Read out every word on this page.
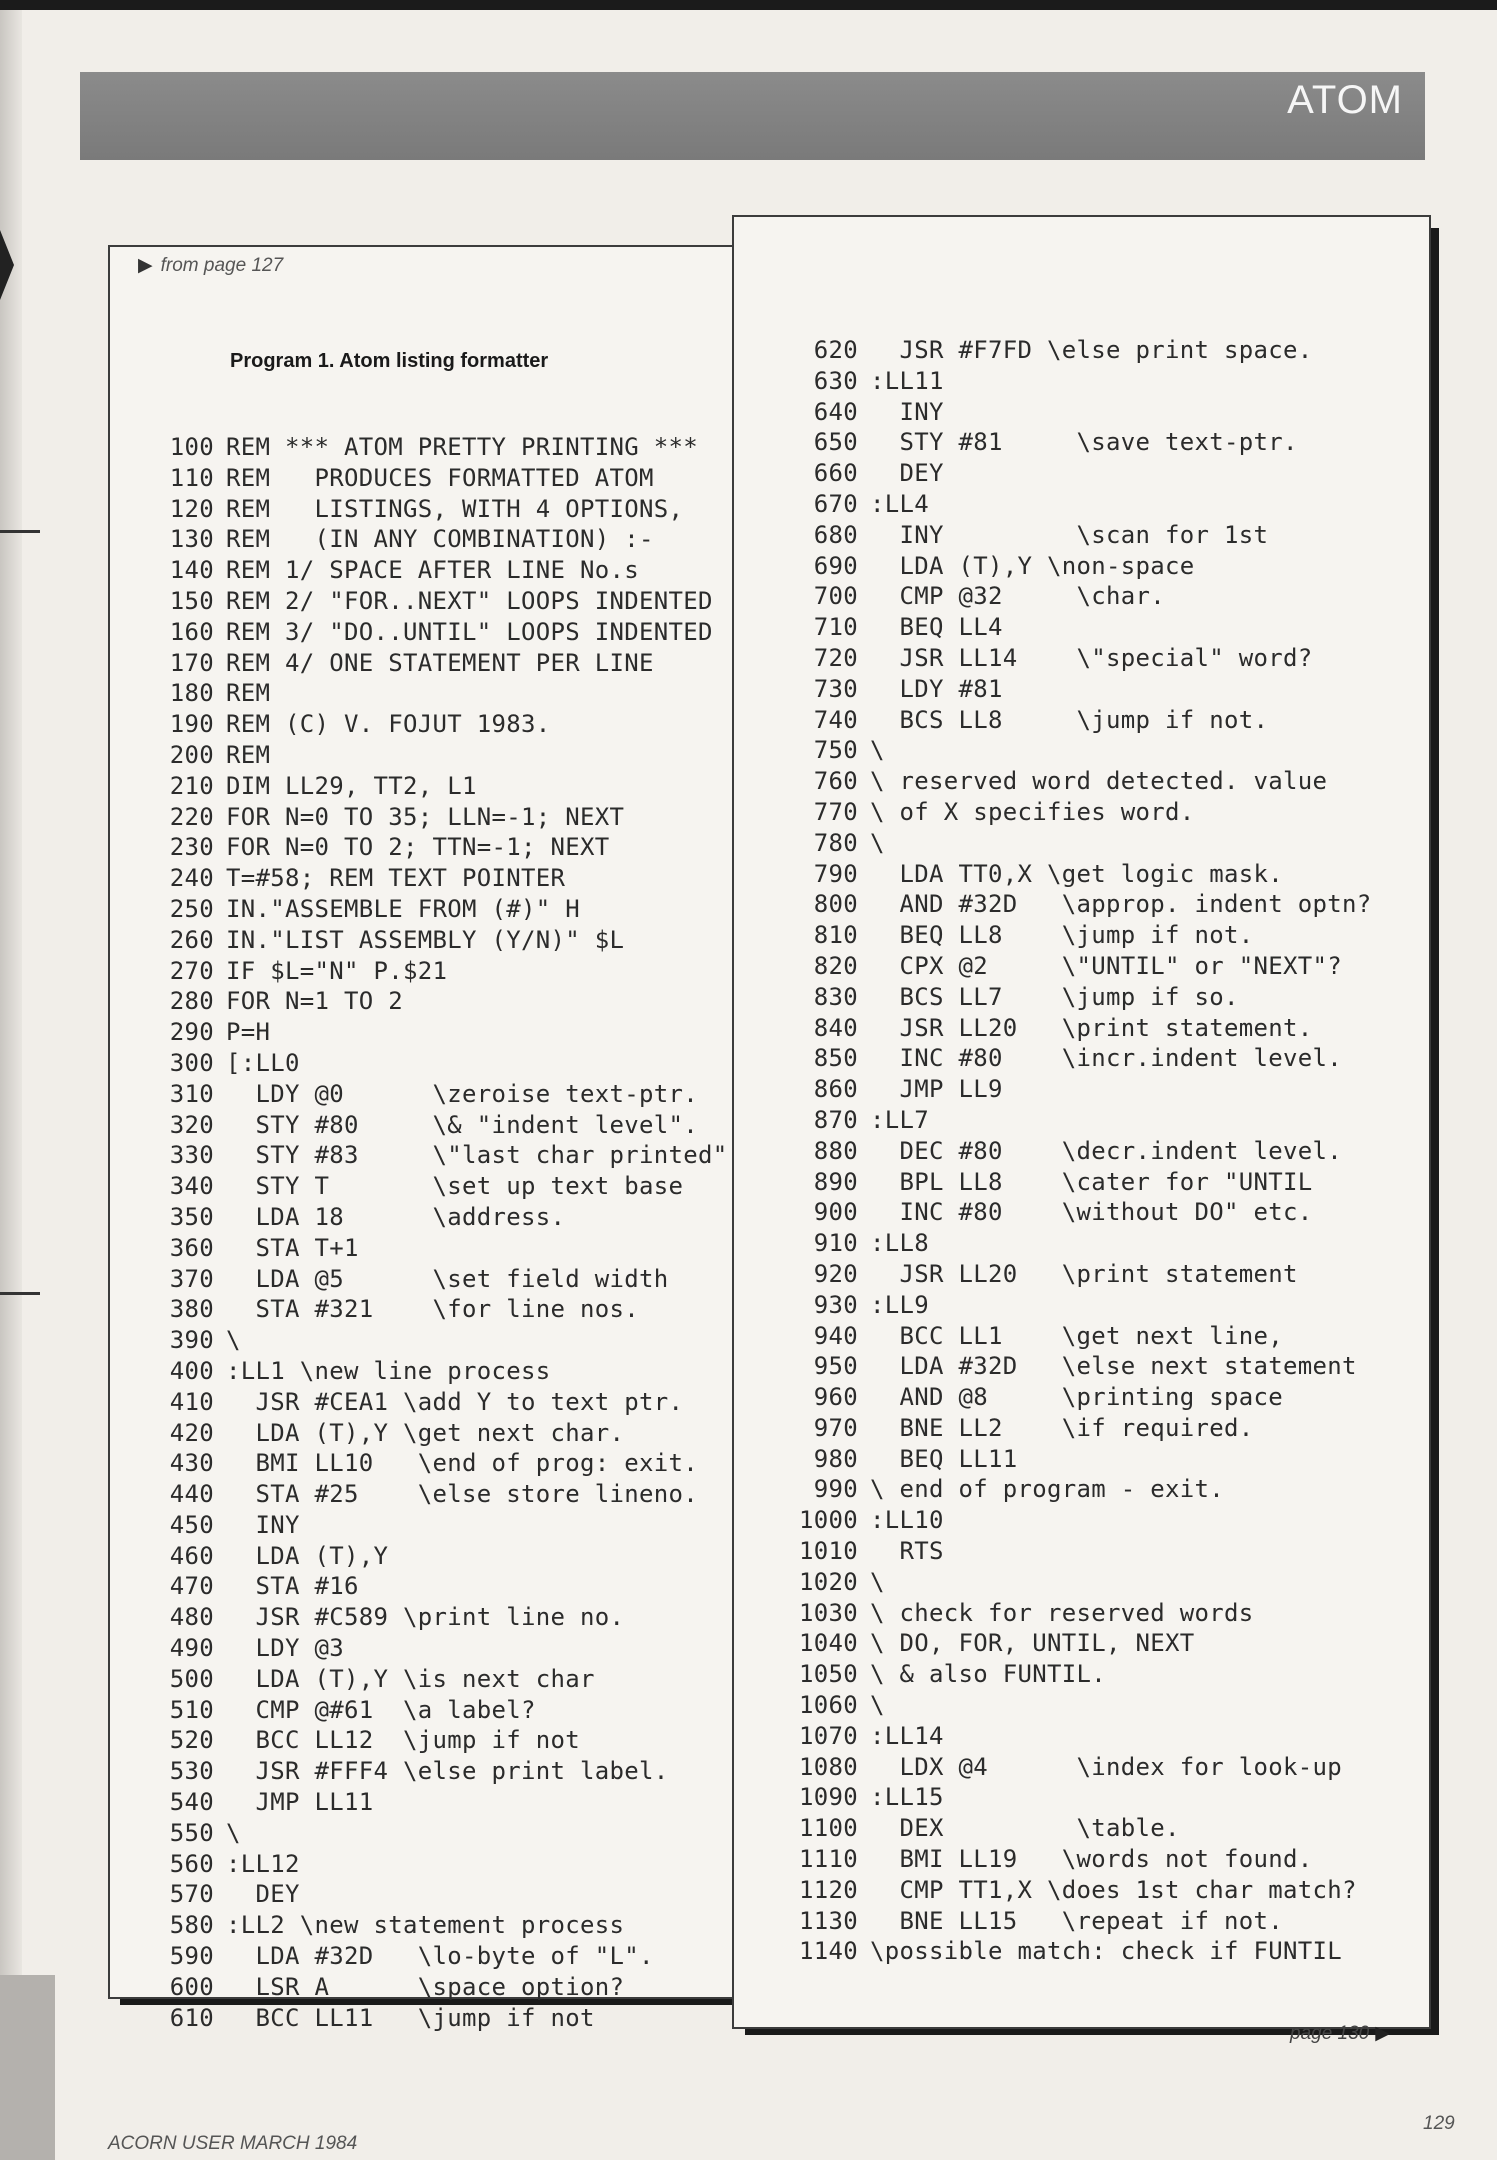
ATOM
▶ from page 127
Program 1. Atom listing formatter
100 REM *** ATOM PRETTY PRINTING ***
110 REM   PRODUCES FORMATTED ATOM
120 REM   LISTINGS, WITH 4 OPTIONS,
130 REM   (IN ANY COMBINATION) :-
140 REM 1/ SPACE AFTER LINE No.s
150 REM 2/ "FOR..NEXT" LOOPS INDENTED
160 REM 3/ "DO..UNTIL" LOOPS INDENTED
170 REM 4/ ONE STATEMENT PER LINE
180 REM
190 REM (C) V. FOJUT 1983.
200 REM
210 DIM LL29, TT2, L1
220 FOR N=0 TO 35; LLN=-1; NEXT
230 FOR N=0 TO 2; TTN=-1; NEXT
240 T=#58; REM TEXT POINTER
250 IN."ASSEMBLE FROM (#)" H
260 IN."LIST ASSEMBLY (Y/N)" $L
270 IF $L="N" P.$21
280 FOR N=1 TO 2
290 P=H
300 [:LL0
310  LDY @0      \zeroise text-ptr.
320  STY #80     \& "indent level".
330  STY #83     \"last char printed"
340  STY T       \set up text base
350  LDA 18      \address.
360  STA T+1
370  LDA @5      \set field width
380  STA #321    \for line nos.
390 \
400 :LL1 \new line process
410  JSR #CEA1 \add Y to text ptr.
420  LDA (T),Y \get next char.
430  BMI LL10   \end of prog: exit.
440  STA #25    \else store lineno.
450  INY
460  LDA (T),Y
470  STA #16
480  JSR #C589 \print line no.
490  LDY @3
500  LDA (T),Y \is next char
510  CMP @#61  \a label?
520  BCC LL12  \jump if not
530  JSR #FFF4 \else print label.
540  JMP LL11
550 \
560 :LL12
570  DEY
580 :LL2 \new statement process
590  LDA #32D   \lo-byte of "L".
600  LSR A      \space option?
610  BCC LL11   \jump if not
620  JSR #F7FD \else print space.
630 :LL11
640  INY
650  STY #81     \save text-ptr.
660  DEY
670 :LL4
680  INY         \scan for 1st
690  LDA (T),Y \non-space
700  CMP @32     \char.
710  BEQ LL4
720  JSR LL14    \"special" word?
730  LDY #81
740  BCS LL8     \jump if not.
750 \
760 \ reserved word detected. value
770 \ of X specifies word.
780 \
790  LDA TT0,X \get logic mask.
800  AND #32D   \approp. indent optn?
810  BEQ LL8    \jump if not.
820  CPX @2     \"UNTIL" or "NEXT"?
830  BCS LL7    \jump if so.
840  JSR LL20   \print statement.
850  INC #80    \incr.indent level.
860  JMP LL9
870 :LL7
880  DEC #80    \decr.indent level.
890  BPL LL8    \cater for "UNTIL
900  INC #80    \without DO" etc.
910 :LL8
920  JSR LL20   \print statement
930 :LL9
940  BCC LL1    \get next line,
950  LDA #32D   \else next statement
960  AND @8     \printing space
970  BNE LL2    \if required.
980  BEQ LL11
990 \ end of program - exit.
1000 :LL10
1010  RTS
1020 \
1030 \ check for reserved words
1040 \ DO, FOR, UNTIL, NEXT
1050 \ & also FUNTIL.
1060 \
1070 :LL14
1080  LDX @4      \index for look-up
1090 :LL15
1100  DEX         \table.
1110  BMI LL19   \words not found.
1120  CMP TT1,X \does 1st char match?
1130  BNE LL15   \repeat if not.
1140 \possible match: check if FUNTIL
page 130 ▶
129
ACORN USER MARCH 1984
